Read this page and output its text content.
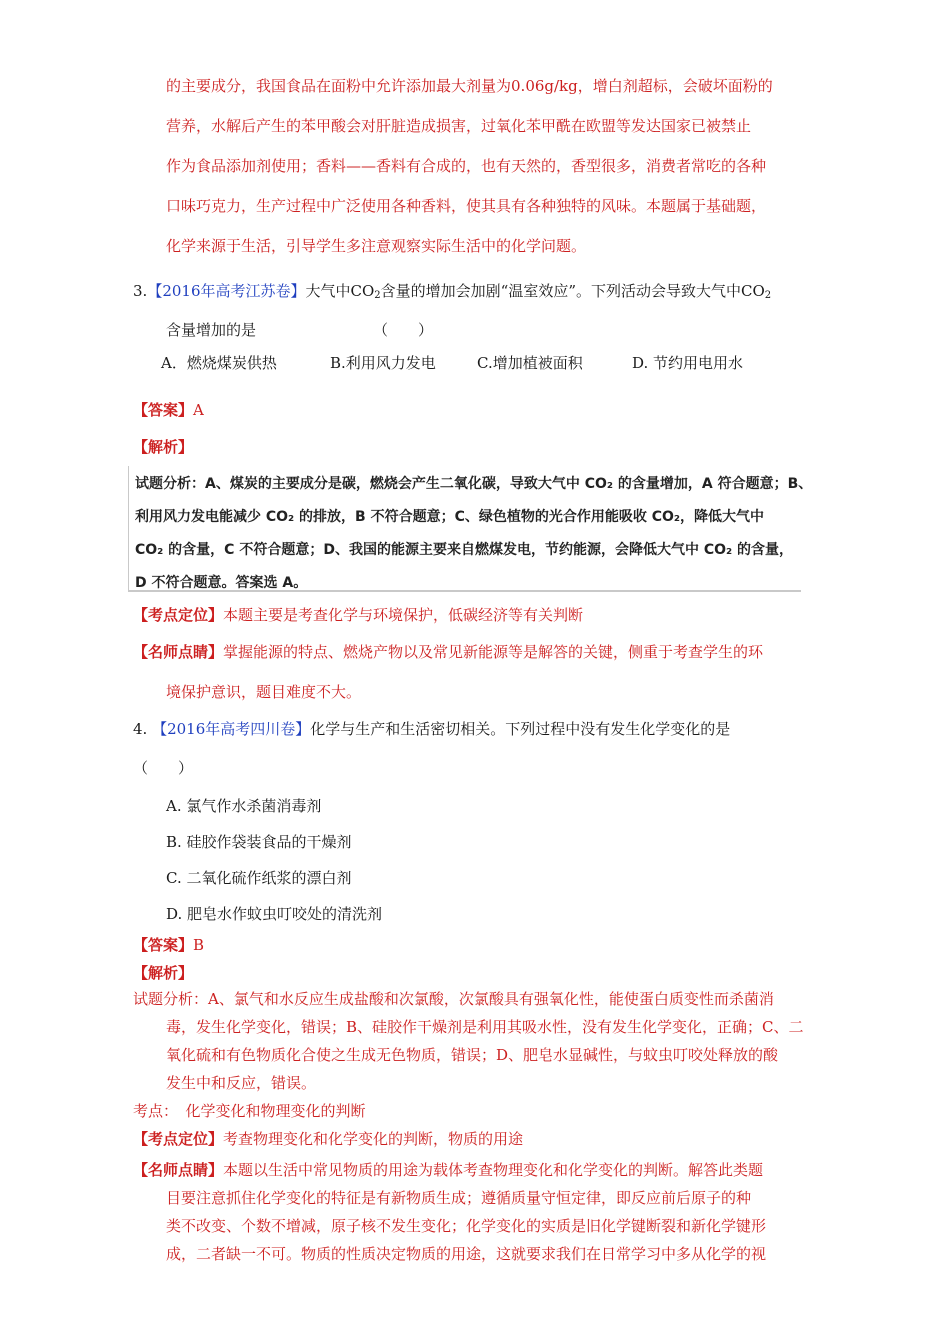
的主要成分，我国食品在面粉中允许添加最大剂量为0.06g/kg，增白剂超标，会破坏面粉的
营养，水解后产生的苯甲酸会对肝脏造成损害，过氧化苯甲酰在欧盟等发达国家已被禁止
作为食品添加剂使用；香料——香料有合成的，也有天然的，香型很多，消费者常吃的各种
口味巧克力，生产过程中广泛使用各种香料，使其具有各种独特的风味。本题属于基础题，
化学来源于生活，引导学生多注意观察实际生活中的化学问题。
3.【2016年高考江苏卷】大气中$CO_2$含量的增加会加剧“温室效应”。下列活动会导致大气中$CO_2$
含量增加的是	（　　）
A．燃烧煤炭供热	B.利用风力发电	C.增加植被面积	D. 节约用电用水
【答案】A
【解析】
试题分析：A、煤炭的主要成分是碳，燃烧会产生二氧化碳，导致大气中 CO₂ 的含量增加，A 符合题意；B、
利用风力发电能减少 CO₂ 的排放，B 不符合题意；C、绿色植物的光合作用能吸收 CO₂，降低大气中
CO₂ 的含量，C 不符合题意；D、我国的能源主要来自燃煤发电，节约能源，会降低大气中 CO₂ 的含量，
D 不符合题意。答案选 A。
【考点定位】本题主要是考查化学与环境保护，低碳经济等有关判断
【名师点睛】掌握能源的特点、燃烧产物以及常见新能源等是解答的关键，侧重于考查学生的环
境保护意识，题目难度不大。
4. 【2016年高考四川卷】化学与生产和生活密切相关。下列过程中没有发生化学变化的是
（　　）
A. 氯气作水杀菌消毒剂
B. 硅胶作袋装食品的干燥剂
C. 二氧化硫作纸浆的漂白剂
D. 肥皂水作蚊虫叮咬处的清洗剂
【答案】B
【解析】
试题分析：A、氯气和水反应生成盐酸和次氯酸，次氯酸具有强氧化性，能使蛋白质变性而杀菌消
毒，发生化学变化，错误；B、硅胶作干燥剂是利用其吸水性，没有发生化学变化，正确；C、二
氧化硫和有色物质化合使之生成无色物质，错误；D、肥皂水显碱性，与蚊虫叮咬处释放的酸
发生中和反应，错误。
考点：　化学变化和物理变化的判断
【考点定位】考查物理变化和化学变化的判断，物质的用途
【名师点睛】本题以生活中常见物质的用途为载体考查物理变化和化学变化的判断。解答此类题
目要注意抓住化学变化的特征是有新物质生成；遵循质量守恒定律，即反应前后原子的种
类不改变、个数不增减，原子核不发生变化；化学变化的实质是旧化学键断裂和新化学键形
成，二者缺一不可。物质的性质决定物质的用途，这就要求我们在日常学习中多从化学的视
